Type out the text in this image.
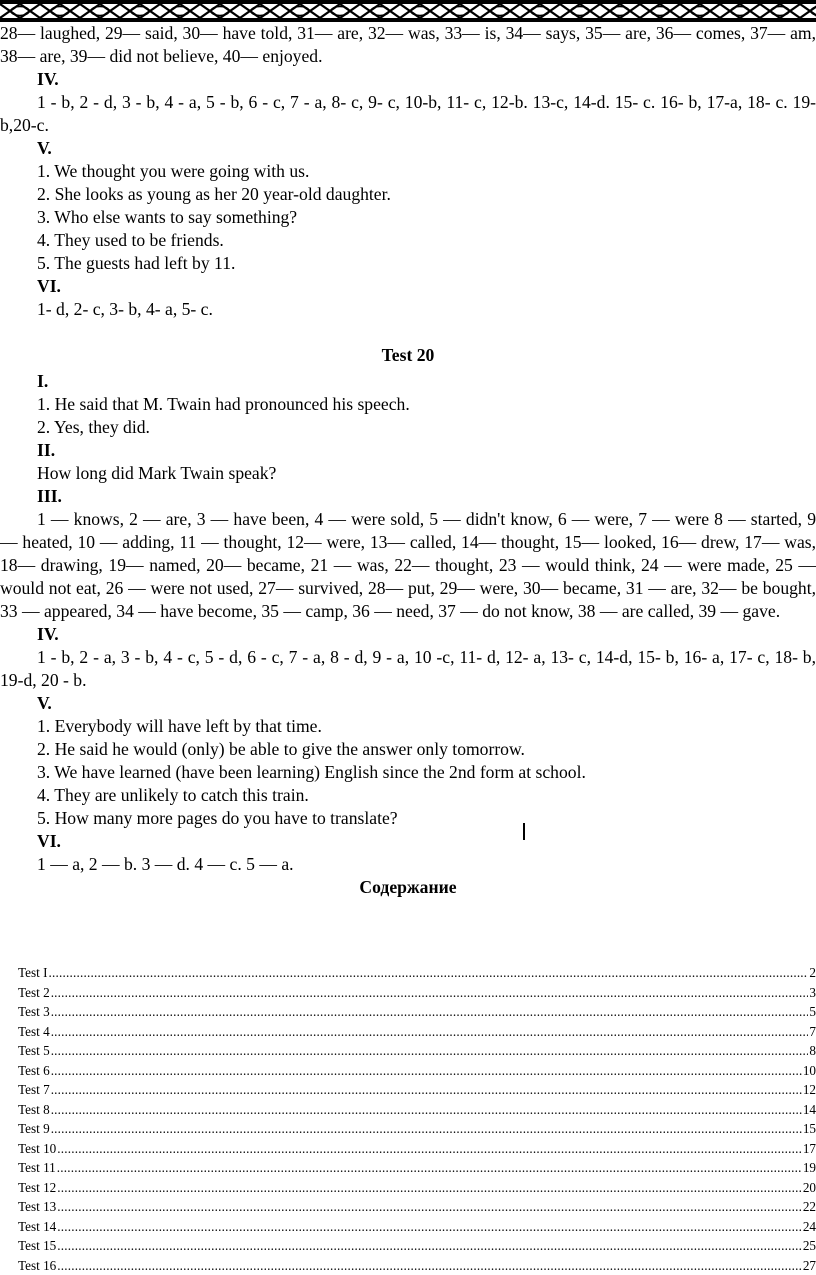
28— laughed, 29— said, 30— have told, 31— are, 32— was, 33— is, 34— says, 35— are, 36— comes, 37— am, 38— are, 39— did not believe, 40— enjoyed.

IV.

1 - b, 2 - d, 3 - b, 4 - a, 5 - b, 6 - c, 7 - a, 8- c, 9- c, 10-b, 11- c, 12-b. 13-c, 14-d. 15- c. 16- b, 17-a, 18- c. 19-b,20-c.

V.

1. We thought you were going with us.

2. She looks as young as her 20 year-old daughter.

3. Who else wants to say something?

4. They used to be friends.

5. The guests had left by 11.

VI.

1- d, 2- c, 3- b, 4- a, 5- c.

Test 20

I.

1. He said that M. Twain had pronounced his speech.

2. Yes, they did.

II.

How long did Mark Twain speak?

III.

1 — knows, 2 — are, 3 — have been, 4 — were sold, 5 — didn't know, 6 — were, 7 — were 8 — started, 9 — heated, 10 — adding, 11 — thought, 12— were, 13— called, 14— thought, 15— looked, 16— drew, 17— was, 18— drawing, 19— named, 20— became, 21 — was, 22— thought, 23 — would think, 24 — were made, 25 — would not eat, 26 — were not used, 27— survived, 28— put, 29— were, 30— became, 31 — are, 32— be bought, 33 — appeared, 34 — have become, 35 — camp, 36 — need, 37 — do not know, 38 — are called, 39 — gave.

IV.

1 - b, 2 - a, 3 - b, 4 - c, 5 - d, 6 - c, 7 - a, 8 - d, 9 - a, 10 -c, 11- d, 12- a, 13- c, 14-d, 15- b, 16- a, 17- c, 18- b, 19-d, 20 - b.

V.

1. Everybody will have left by that time.

2. He said he would (only) be able to give the answer only tomorrow.

3. We have learned (have been learning) English since the 2nd form at school.

4. They are unlikely to catch this train.

5. How many more pages do you have to translate?

VI.

1 — a, 2 — b. 3 — d. 4 — c. 5 — a.

Содержание

Test I .....	2
Test 2 .....	3
Test 3 .....	5
Test 4 .....	7
Test 5 .....	8
Test 6 .....	10
Test 7 .....	12
Test 8 .....	14
Test 9 .....	15
Test 10 .....	17
Test 11 .....	19
Test 12 .....	20
Test 13 .....	22
Test 14 .....	24
Test 15 .....	25
Test 16 .....	27
